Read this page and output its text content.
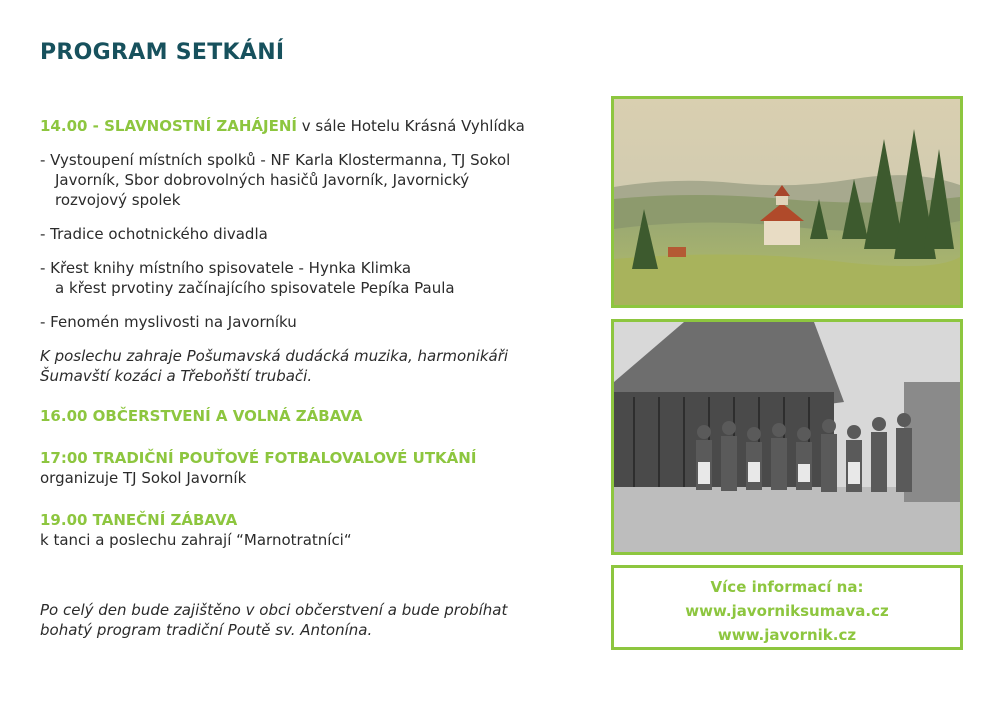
PROGRAM SETKÁNÍ

14.00 - SLAVNOSTNÍ ZAHÁJENÍ v sále Hotelu Krásná Vyhlídka

- Vystoupení místních spolků - NF Karla Klostermanna, TJ Sokol
Javorník, Sbor dobrovolných hasičů Javorník, Javornický
rozvojový spolek

- Tradice ochotnického divadla

- Křest knihy místního spisovatele - Hynka Klimka
a křest prvotiny začínajícího spisovatele Pepíka Paula

- Fenomén myslivosti na Javorníku

K poslechu zahraje Pošumavská dudácká muzika, harmonikáři
Šumavští kozáci a Třeboňští trubači.

16.00 OBČERSTVENÍ A VOLNÁ ZÁBAVA

17:00 TRADIČNÍ POUŤOVÉ FOTBALOVALOVÉ UTKÁNÍ
organizuje TJ Sokol Javorník

19.00 TANEČNÍ ZÁBAVA
k tanci a poslechu zahrají “Marnotratníci“

Po celý den bude zajištěno v obci občerstvení a bude probíhat
bohatý program tradiční Poutě sv. Antonína.

Více informací na:
www.javorniksumava.cz
www.javornik.cz
